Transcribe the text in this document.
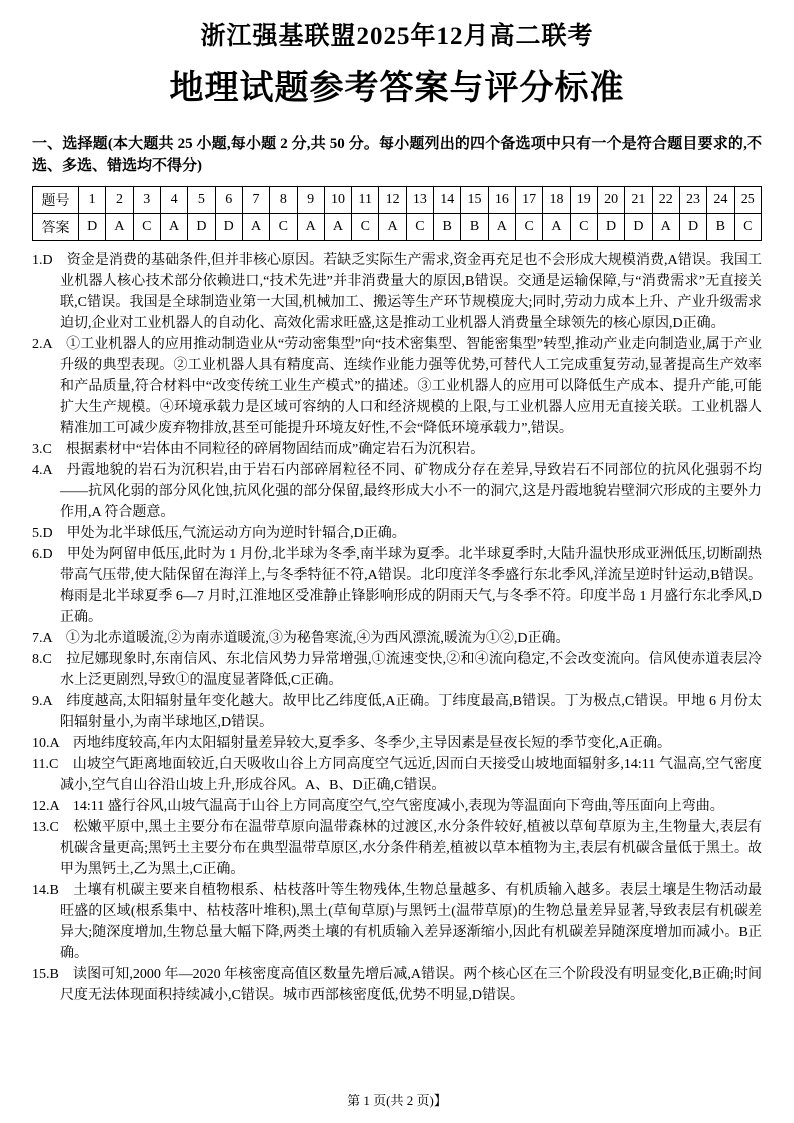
浙江强基联盟2025年12月高二联考
地理试题参考答案与评分标准
一、选择题(本大题共 25 小题,每小题 2 分,共 50 分。每小题列出的四个备选项中只有一个是符合题目要求的,不选、多选、错选均不得分)
题号	1	2	3	4	5	6	7	8	9	10	11	12	13	14	15	16	17	18	19	20	21	22	23	24	25
答案	D	A	C	A	D	D	A	C	A	A	C	A	C	B	B	A	C	A	C	D	D	A	D	B	C
1.D　资金是消费的基础条件,但并非核心原因。若缺乏实际生产需求,资金再充足也不会形成大规模消费,A错误。我国工业机器人核心技术部分依赖进口,“技术先进”并非消费量大的原因,B错误。交通是运输保障,与“消费需求”无直接关联,C错误。我国是全球制造业第一大国,机械加工、搬运等生产环节规模庞大;同时,劳动力成本上升、产业升级需求迫切,企业对工业机器人的自动化、高效化需求旺盛,这是推动工业机器人消费量全球领先的核心原因,D正确。
2.A　①工业机器人的应用推动制造业从“劳动密集型”向“技术密集型、智能密集型”转型,推动产业走向制造业,属于产业升级的典型表现。②工业机器人具有精度高、连续作业能力强等优势,可替代人工完成重复劳动,显著提高生产效率和产品质量,符合材料中“改变传统工业生产模式”的描述。③工业机器人的应用可以降低生产成本、提升产能,可能扩大生产规模。④环境承载力是区域可容纳的人口和经济规模的上限,与工业机器人应用无直接关联。工业机器人精准加工可减少废弃物排放,甚至可能提升环境友好性,不会“降低环境承载力”,错误。
3.C　根据素材中“岩体由不同粒径的碎屑物固结而成”确定岩石为沉积岩。
4.A　丹霞地貌的岩石为沉积岩,由于岩石内部碎屑粒径不同、矿物成分存在差异,导致岩石不同部位的抗风化强弱不均——抗风化弱的部分风化蚀,抗风化强的部分保留,最终形成大小不一的洞穴,这是丹霞地貌岩壁洞穴形成的主要外力作用,A 符合题意。
5.D　甲处为北半球低压,气流运动方向为逆时针辐合,D正确。
6.D　甲处为阿留申低压,此时为 1 月份,北半球为冬季,南半球为夏季。北半球夏季时,大陆升温快形成亚洲低压,切断副热带高气压带,使大陆保留在海洋上,与冬季特征不符,A错误。北印度洋冬季盛行东北季风,洋流呈逆时针运动,B错误。梅雨是北半球夏季 6—7 月时,江淮地区受准静止锋影响形成的阴雨天气,与冬季不符。印度半岛 1 月盛行东北季风,D正确。
7.A　①为北赤道暖流,②为南赤道暖流,③为秘鲁寒流,④为西风漂流,暖流为①②,D正确。
8.C　拉尼娜现象时,东南信风、东北信风势力异常增强,①流速变快,②和④流向稳定,不会改变流向。信风使赤道表层冷水上泛更剧烈,导致①的温度显著降低,C正确。
9.A　纬度越高,太阳辐射量年变化越大。故甲比乙纬度低,A正确。丁纬度最高,B错误。丁为极点,C错误。甲地 6 月份太阳辐射量小,为南半球地区,D错误。
10.A　丙地纬度较高,年内太阳辐射量差异较大,夏季多、冬季少,主导因素是昼夜长短的季节变化,A正确。
11.C　山坡空气距离地面较近,白天吸收山谷上方同高度空气远近,因而白天接受山坡地面辐射多,14:11 气温高,空气密度减小,空气自山谷沿山坡上升,形成谷风。A、B、D正确,C错误。
12.A　14:11 盛行谷风,山坡气温高于山谷上方同高度空气,空气密度减小,表现为等温面向下弯曲,等压面向上弯曲。
13.C　松嫩平原中,黑土主要分布在温带草原向温带森林的过渡区,水分条件较好,植被以草甸草原为主,生物量大,表层有机碳含量更高;黑钙土主要分布在典型温带草原区,水分条件稍差,植被以草本植物为主,表层有机碳含量低于黑土。故甲为黑钙土,乙为黑土,C正确。
14.B　土壤有机碳主要来自植物根系、枯枝落叶等生物残体,生物总量越多、有机质输入越多。表层土壤是生物活动最旺盛的区域(根系集中、枯枝落叶堆积),黑土(草甸草原)与黑钙土(温带草原)的生物总量差异显著,导致表层有机碳差异大;随深度增加,生物总量大幅下降,两类土壤的有机质输入差异逐渐缩小,因此有机碳差异随深度增加而减小。B正确。
15.B　读图可知,2000 年—2020 年核密度高值区数量先增后减,A错误。两个核心区在三个阶段没有明显变化,B正确;时间尺度无法体现面积持续减小,C错误。城市西部核密度低,优势不明显,D错误。
第 1 页(共 2 页)】
